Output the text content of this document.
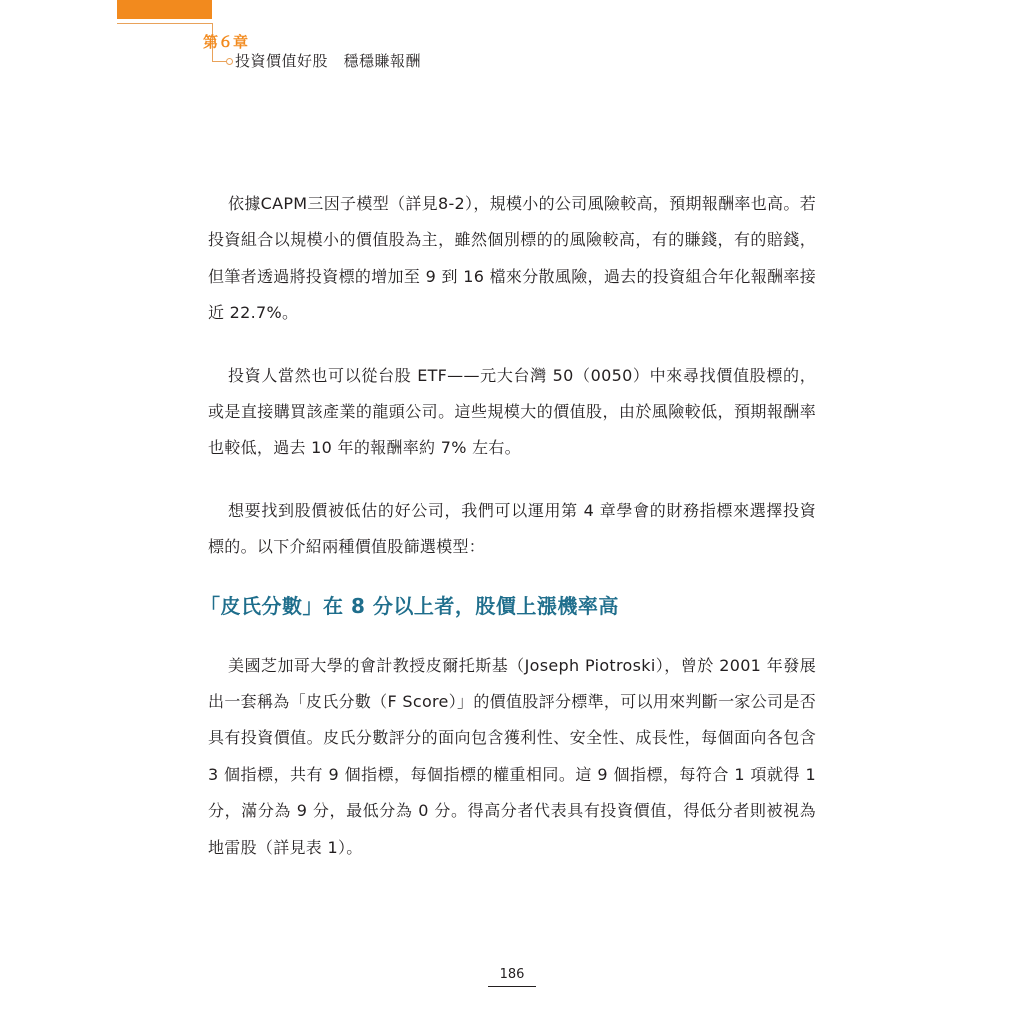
第６章
投資價值好股　穩穩賺報酬

依據CAPM三因子模型（詳見8-2），規模小的公司風險較高，預期報酬率也高。若投資組合以規模小的價值股為主，雖然個別標的的風險較高，有的賺錢，有的賠錢，但筆者透過將投資標的增加至 9 到 16 檔來分散風險，過去的投資組合年化報酬率接近 22.7%。

投資人當然也可以從台股 ETF——元大台灣 50（0050）中來尋找價值股標的，或是直接購買該產業的龍頭公司。這些規模大的價值股，由於風險較低，預期報酬率也較低，過去 10 年的報酬率約 7% 左右。

想要找到股價被低估的好公司，我們可以運用第 4 章學會的財務指標來選擇投資標的。以下介紹兩種價值股篩選模型：

「皮氏分數」在 8 分以上者，股價上漲機率高

美國芝加哥大學的會計教授皮爾托斯基（Joseph Piotroski），曾於 2001 年發展出一套稱為「皮氏分數（F Score）」的價值股評分標準，可以用來判斷一家公司是否具有投資價值。皮氏分數評分的面向包含獲利性、安全性、成長性，每個面向各包含 3 個指標，共有 9 個指標，每個指標的權重相同。這 9 個指標，每符合 1 項就得 1 分，滿分為 9 分，最低分為 0 分。得高分者代表具有投資價值，得低分者則被視為地雷股（詳見表 1）。

186
